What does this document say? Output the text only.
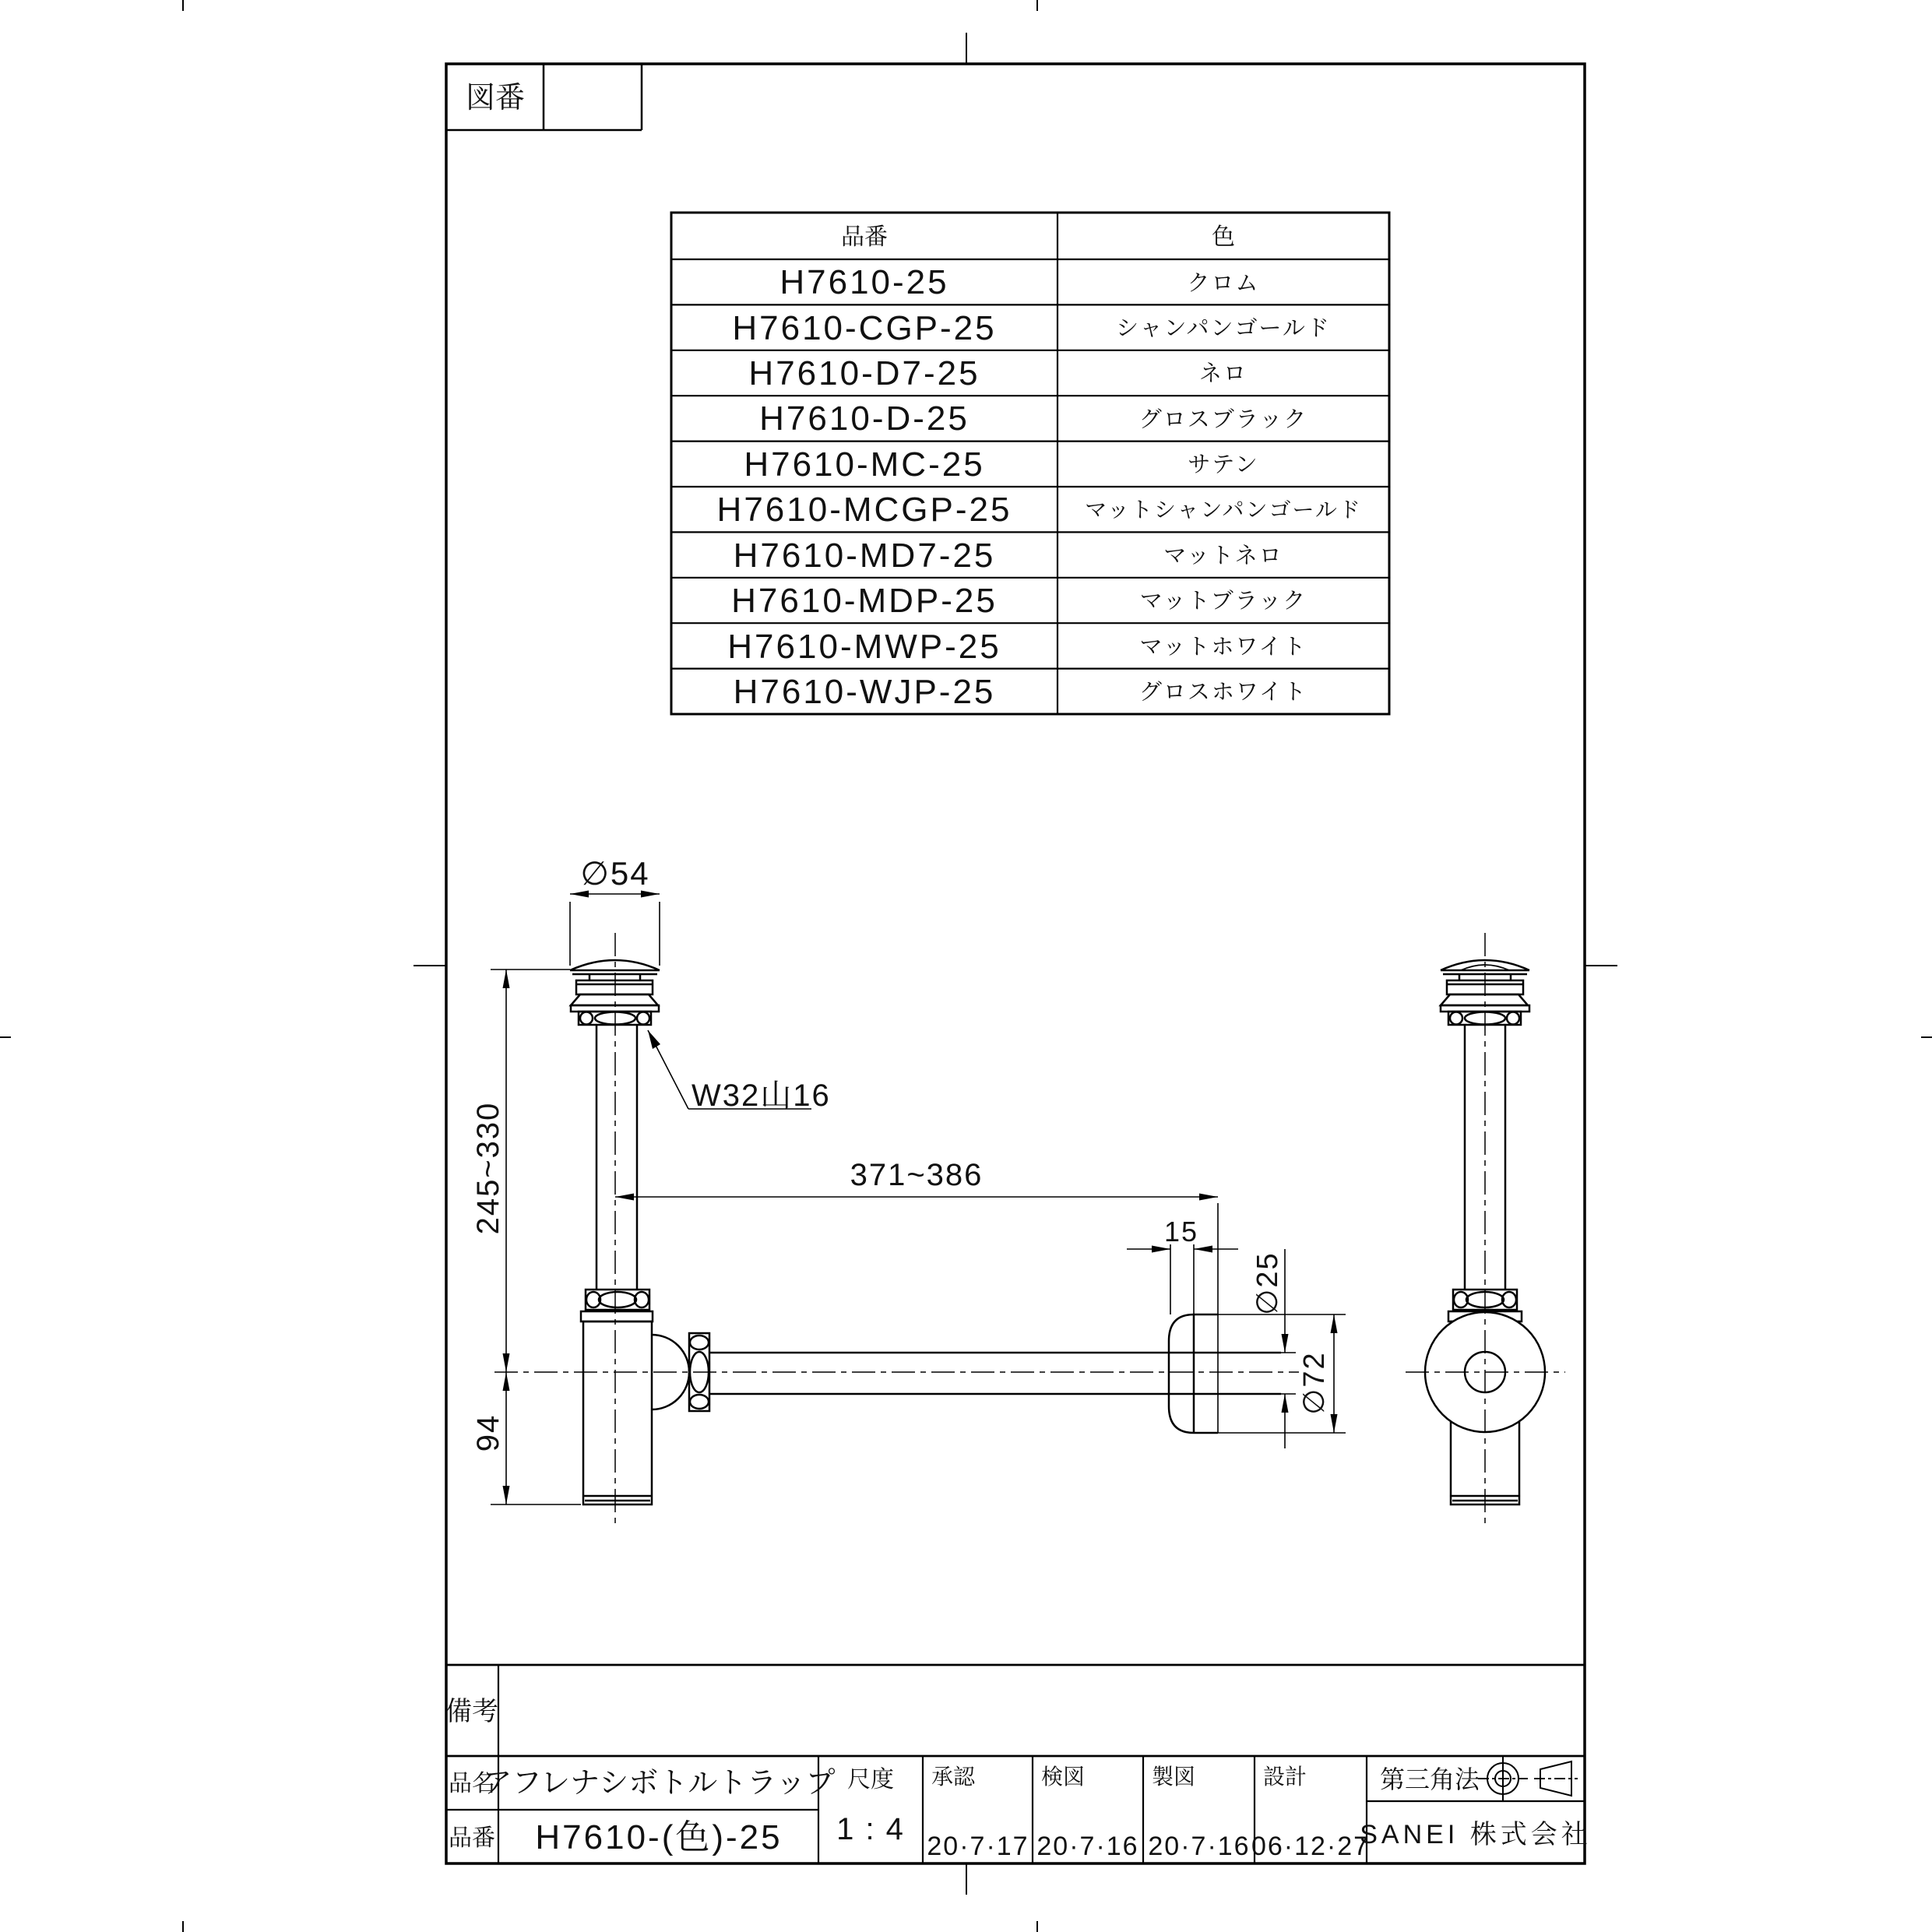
図番
品番	色
H7610-25	クロム
H7610-CGP-25	シャンパンゴールド
H7610-D7-25	ネロ
H7610-D-25	グロスブラック
H7610-MC-25	サテン
H7610-MCGP-25	マットシャンパンゴールド
H7610-MD7-25	マットネロ
H7610-MDP-25	マットブラック
H7610-MWP-25	マットホワイト
H7610-WJP-25	グロスホワイト
∅54
W32山16
245~330
94
371~386
15
∅25
∅72
備考
品名
アフレナシボトルトラップ
品番 H7610-(色)-25
尺度
1 : 4
承認
20·7·17
検図
20·7·16
製図
20·7·16
設計
06·12·27
第三角法
SANEI 株式会社
